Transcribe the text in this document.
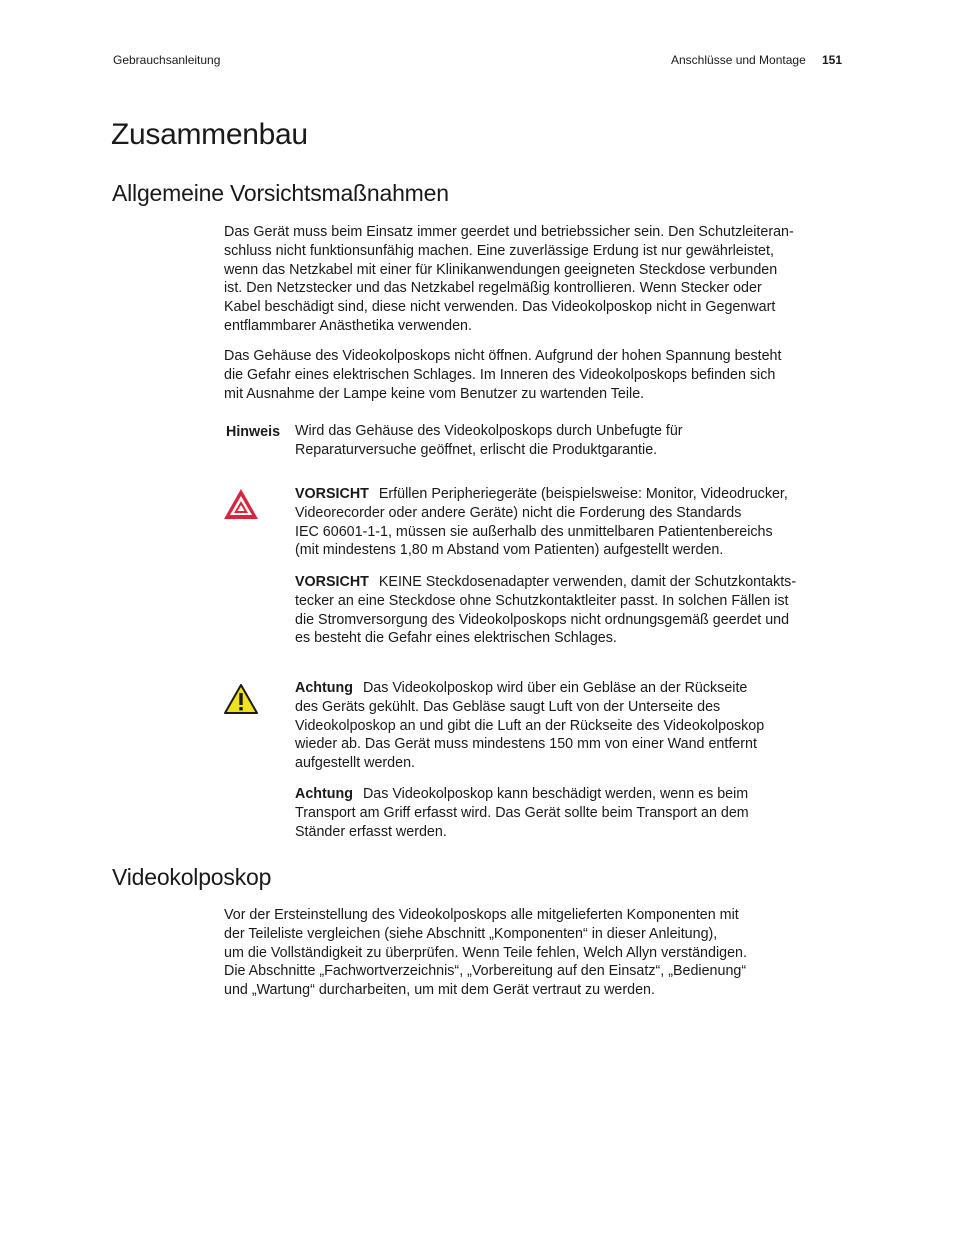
Gebrauchsanleitung	Anschlüsse und Montage 151
Zusammenbau
Allgemeine Vorsichtsmaßnahmen

Das Gerät muss beim Einsatz immer geerdet und betriebssicher sein. Den Schutzleiteran-
schluss nicht funktionsunfähig machen. Eine zuverlässige Erdung ist nur gewährleistet,
wenn das Netzkabel mit einer für Klinikanwendungen geeigneten Steckdose verbunden
ist. Den Netzstecker und das Netzkabel regelmäßig kontrollieren. Wenn Stecker oder
Kabel beschädigt sind, diese nicht verwenden. Das Videokolposkop nicht in Gegenwart
entflammbarer Anästhetika verwenden.

Das Gehäuse des Videokolposkops nicht öffnen. Aufgrund der hohen Spannung besteht
die Gefahr eines elektrischen Schlages. Im Inneren des Videokolposkops befinden sich
mit Ausnahme der Lampe keine vom Benutzer zu wartenden Teile.

Hinweis Wird das Gehäuse des Videokolposkops durch Unbefugte für
Reparaturversuche geöffnet, erlischt die Produktgarantie.

VORSICHT Erfüllen Peripheriegeräte (beispielsweise: Monitor, Videodrucker,
Videorecorder oder andere Geräte) nicht die Forderung des Standards
IEC 60601-1-1, müssen sie außerhalb des unmittelbaren Patientenbereichs
(mit mindestens 1,80 m Abstand vom Patienten) aufgestellt werden.

VORSICHT KEINE Steckdosenadapter verwenden, damit der Schutzkontakts-
tecker an eine Steckdose ohne Schutzkontaktleiter passt. In solchen Fällen ist
die Stromversorgung des Videokolposkops nicht ordnungsgemäß geerdet und
es besteht die Gefahr eines elektrischen Schlages.

Achtung Das Videokolposkop wird über ein Gebläse an der Rückseite
des Geräts gekühlt. Das Gebläse saugt Luft von der Unterseite des
Videokolposkop an und gibt die Luft an der Rückseite des Videokolposkop
wieder ab. Das Gerät muss mindestens 150 mm von einer Wand entfernt
aufgestellt werden.

Achtung Das Videokolposkop kann beschädigt werden, wenn es beim
Transport am Griff erfasst wird. Das Gerät sollte beim Transport an dem
Ständer erfasst werden.

Videokolposkop

Vor der Ersteinstellung des Videokolposkops alle mitgelieferten Komponenten mit
der Teileliste vergleichen (siehe Abschnitt „Komponenten“ in dieser Anleitung),
um die Vollständigkeit zu überprüfen. Wenn Teile fehlen, Welch Allyn verständigen.
Die Abschnitte „Fachwortverzeichnis“, „Vorbereitung auf den Einsatz“, „Bedienung“
und „Wartung“ durcharbeiten, um mit dem Gerät vertraut zu werden.
